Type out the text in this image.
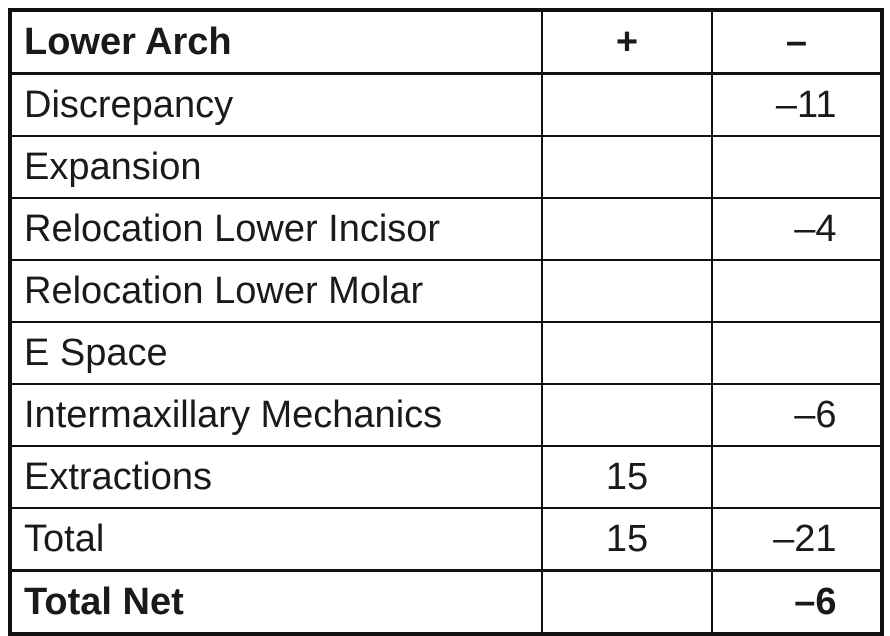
Lower Arch	+	–
Discrepancy		–11
Expansion		
Relocation Lower Incisor		–4
Relocation Lower Molar		
E Space		
Intermaxillary Mechanics		–6
Extractions	15	
Total	15	–21
Total Net		–6
